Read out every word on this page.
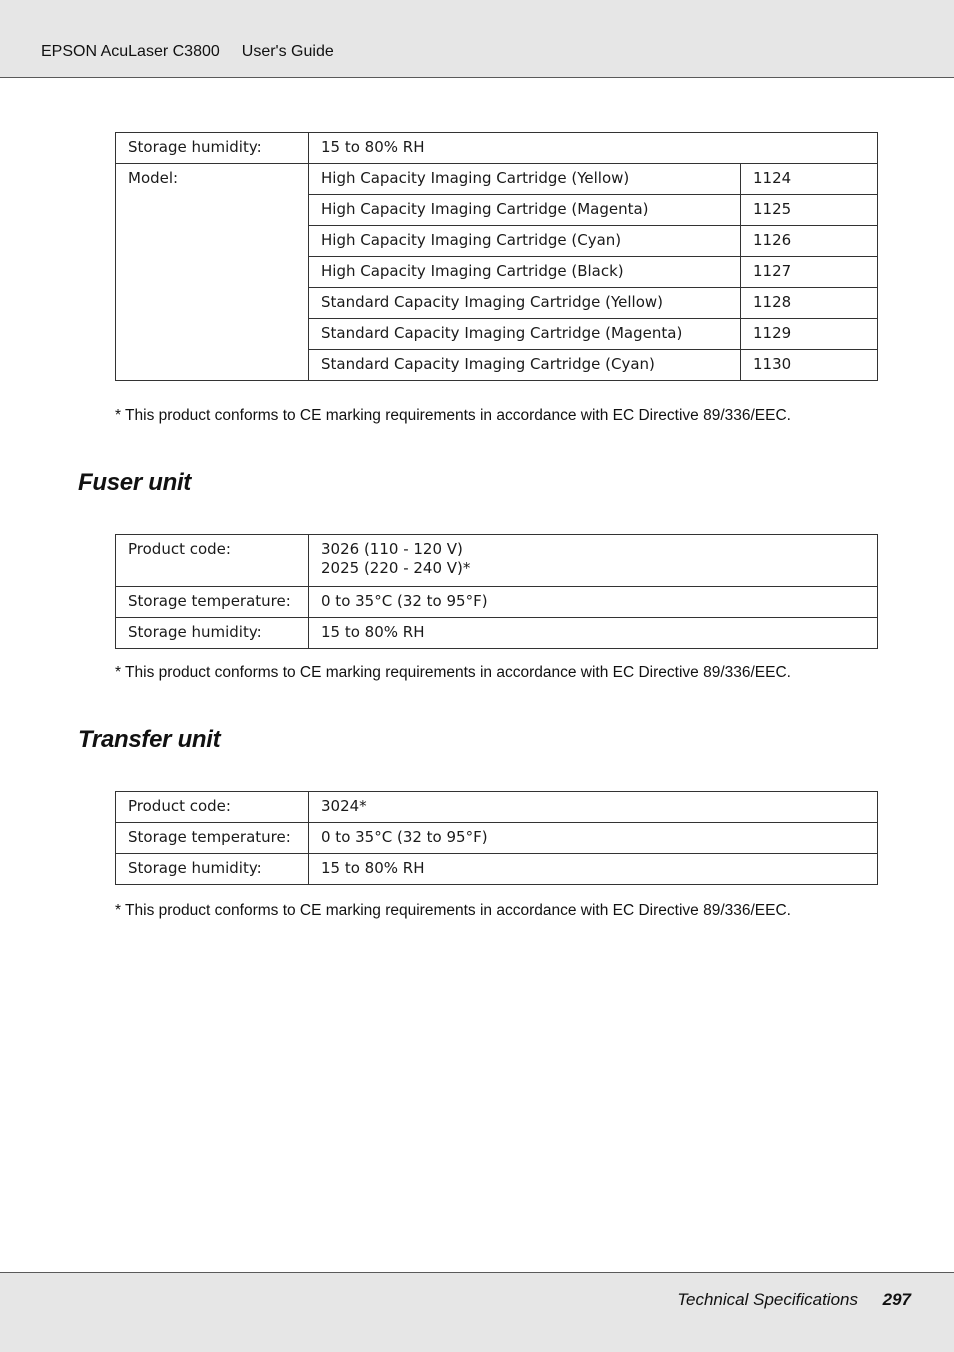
EPSON AcuLaser C3800 User's Guide
Storage humidity:	15 to 80% RH	
Model:	High Capacity Imaging Cartridge (Yellow)	1124
	High Capacity Imaging Cartridge (Magenta)	1125
	High Capacity Imaging Cartridge (Cyan)	1126
	High Capacity Imaging Cartridge (Black)	1127
	Standard Capacity Imaging Cartridge (Yellow)	1128
	Standard Capacity Imaging Cartridge (Magenta)	1129
	Standard Capacity Imaging Cartridge (Cyan)	1130
* This product conforms to CE marking requirements in accordance with EC Directive 89/336/EEC.
Fuser unit
Product code:	3026 (110 - 120 V)
2025 (220 - 240 V)*

Storage temperature:	0 to 35°C (32 to 95°F)
Storage humidity:	15 to 80% RH
* This product conforms to CE marking requirements in accordance with EC Directive 89/336/EEC.
Transfer unit
Product code:	3024*
Storage temperature:	0 to 35°C (32 to 95°F)
Storage humidity:	15 to 80% RH
* This product conforms to CE marking requirements in accordance with EC Directive 89/336/EEC.
Technical Specifications 297
